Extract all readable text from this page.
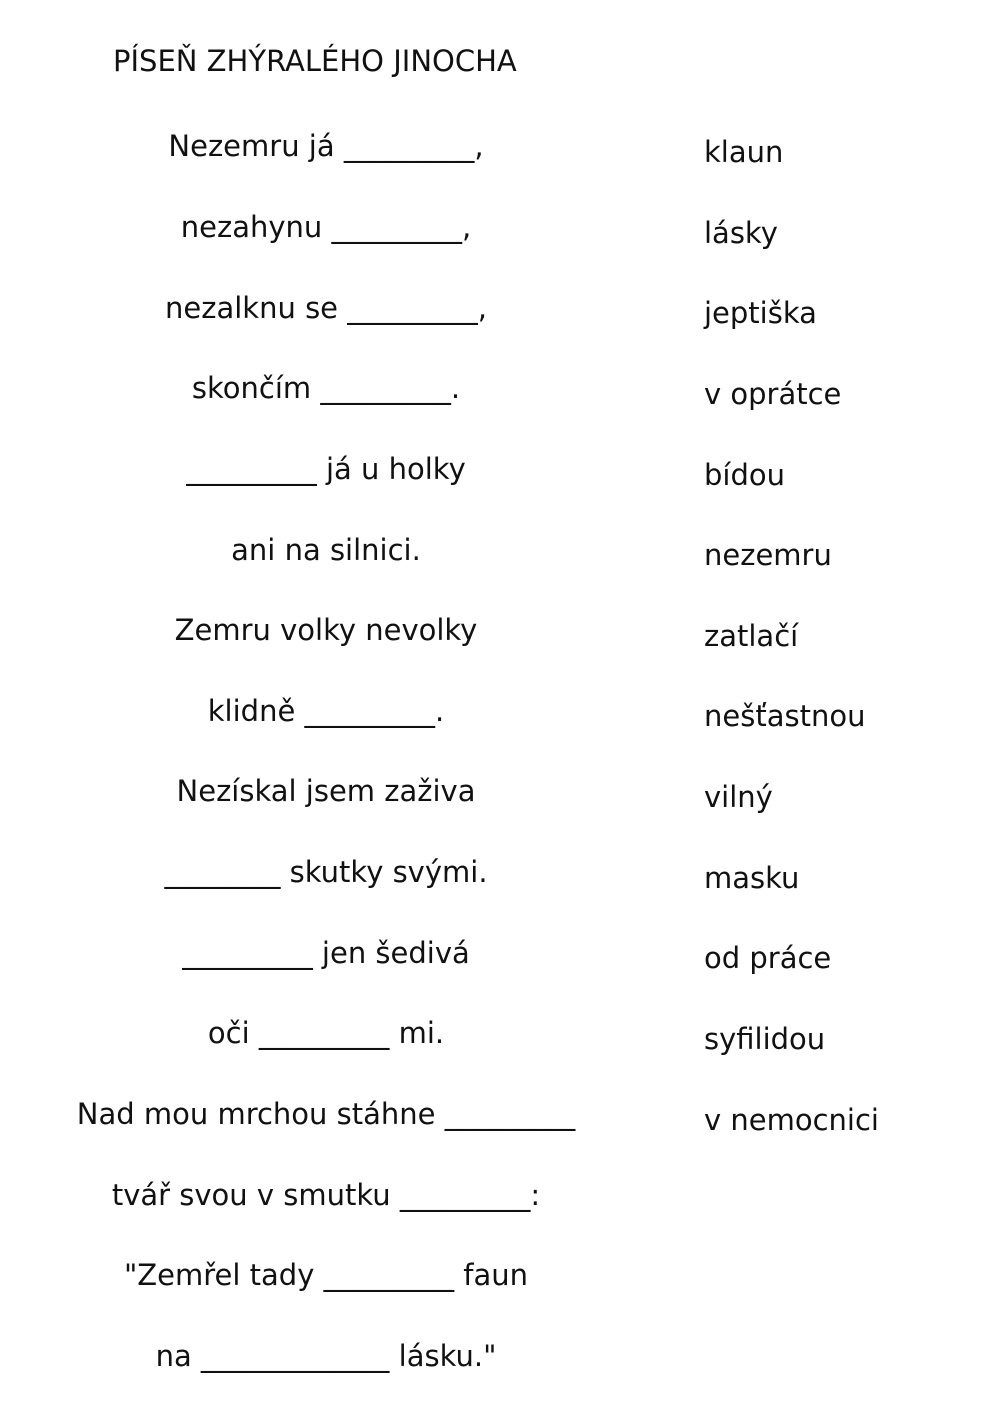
PÍSEŇ ZHÝRALÉHO JINOCHA
Nezemru já _________,
nezahynu _________,
nezalknu se _________,
skončím _________.
_________ já u holky
ani na silnici.
Zemru volky nevolky
klidně _________.
Nezískal jsem zaživa
________ skutky svými.
_________ jen šedivá
oči _________ mi.
Nad mou mrchou stáhne _________
tvář svou v smutku _________:
"Zemřel tady _________ faun
na _____________ lásku."
klaun
lásky
jeptiška
v oprátce
bídou
nezemru
zatlačí
nešťastnou
vilný
masku
od práce
syfilidou
v nemocnici
